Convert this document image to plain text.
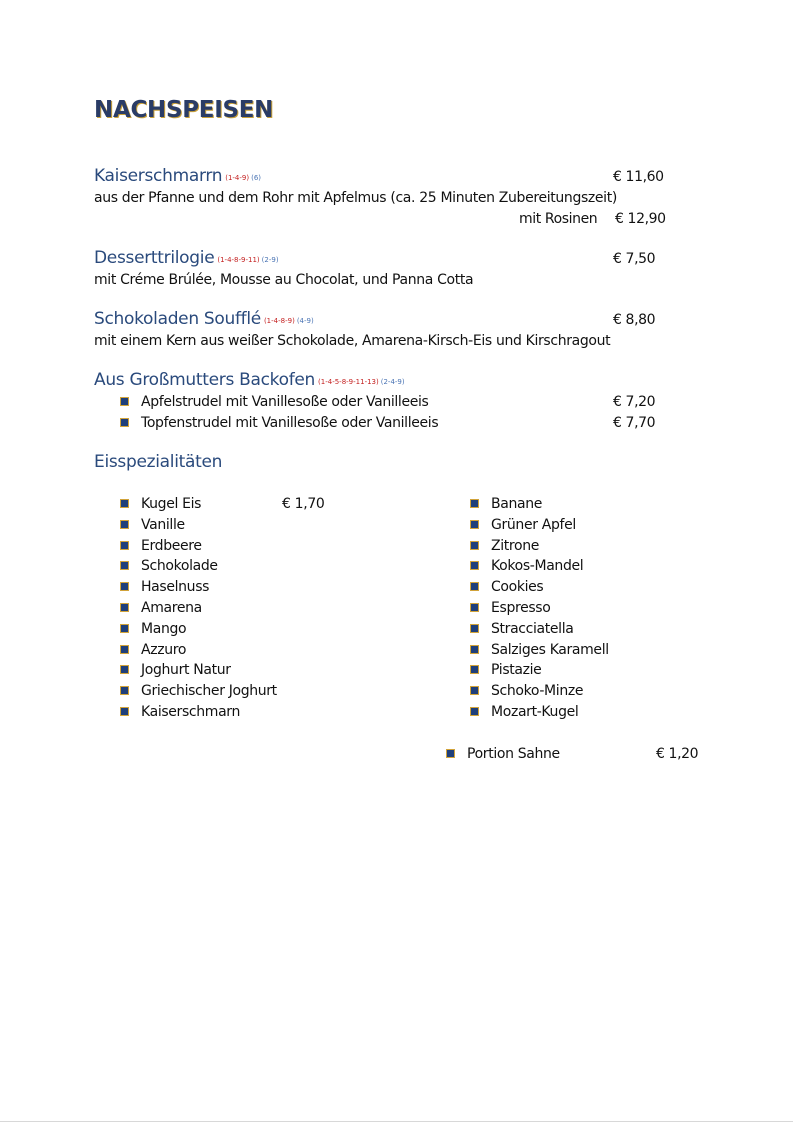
NACHSPEISEN
Kaiserschmarrn (1-4-9) (6)	€ 11,60
aus der Pfanne und dem Rohr mit Apfelmus (ca. 25 Minuten Zubereitungszeit)
mit Rosinen € 12,90
Desserttrilogie (1-4-8-9-11) (2-9)	€ 7,50
mit Créme Brúlée, Mousse au Chocolat, und Panna Cotta
Schokoladen Soufflé (1-4-8-9) (4-9)	€ 8,80
mit einem Kern aus weißer Schokolade, Amarena-Kirsch-Eis und Kirschragout
Aus Großmutters Backofen (1-4-5-8-9-11-13) (2-4-9)
Apfelstrudel mit Vanillesoße oder Vanilleeis	€ 7,20
Topfenstrudel mit Vanillesoße oder Vanilleeis	€ 7,70
Eisspezialitäten
Kugel Eis	€ 1,70
Vanille
Erdbeere
Schokolade
Haselnuss
Amarena
Mango
Azzuro
Joghurt Natur
Griechischer Joghurt
Kaiserschmarn
Banane
Grüner Apfel
Zitrone
Kokos-Mandel
Cookies
Espresso
Stracciatella
Salziges Karamell
Pistazie
Schoko-Minze
Mozart-Kugel
Portion Sahne	€ 1,20
